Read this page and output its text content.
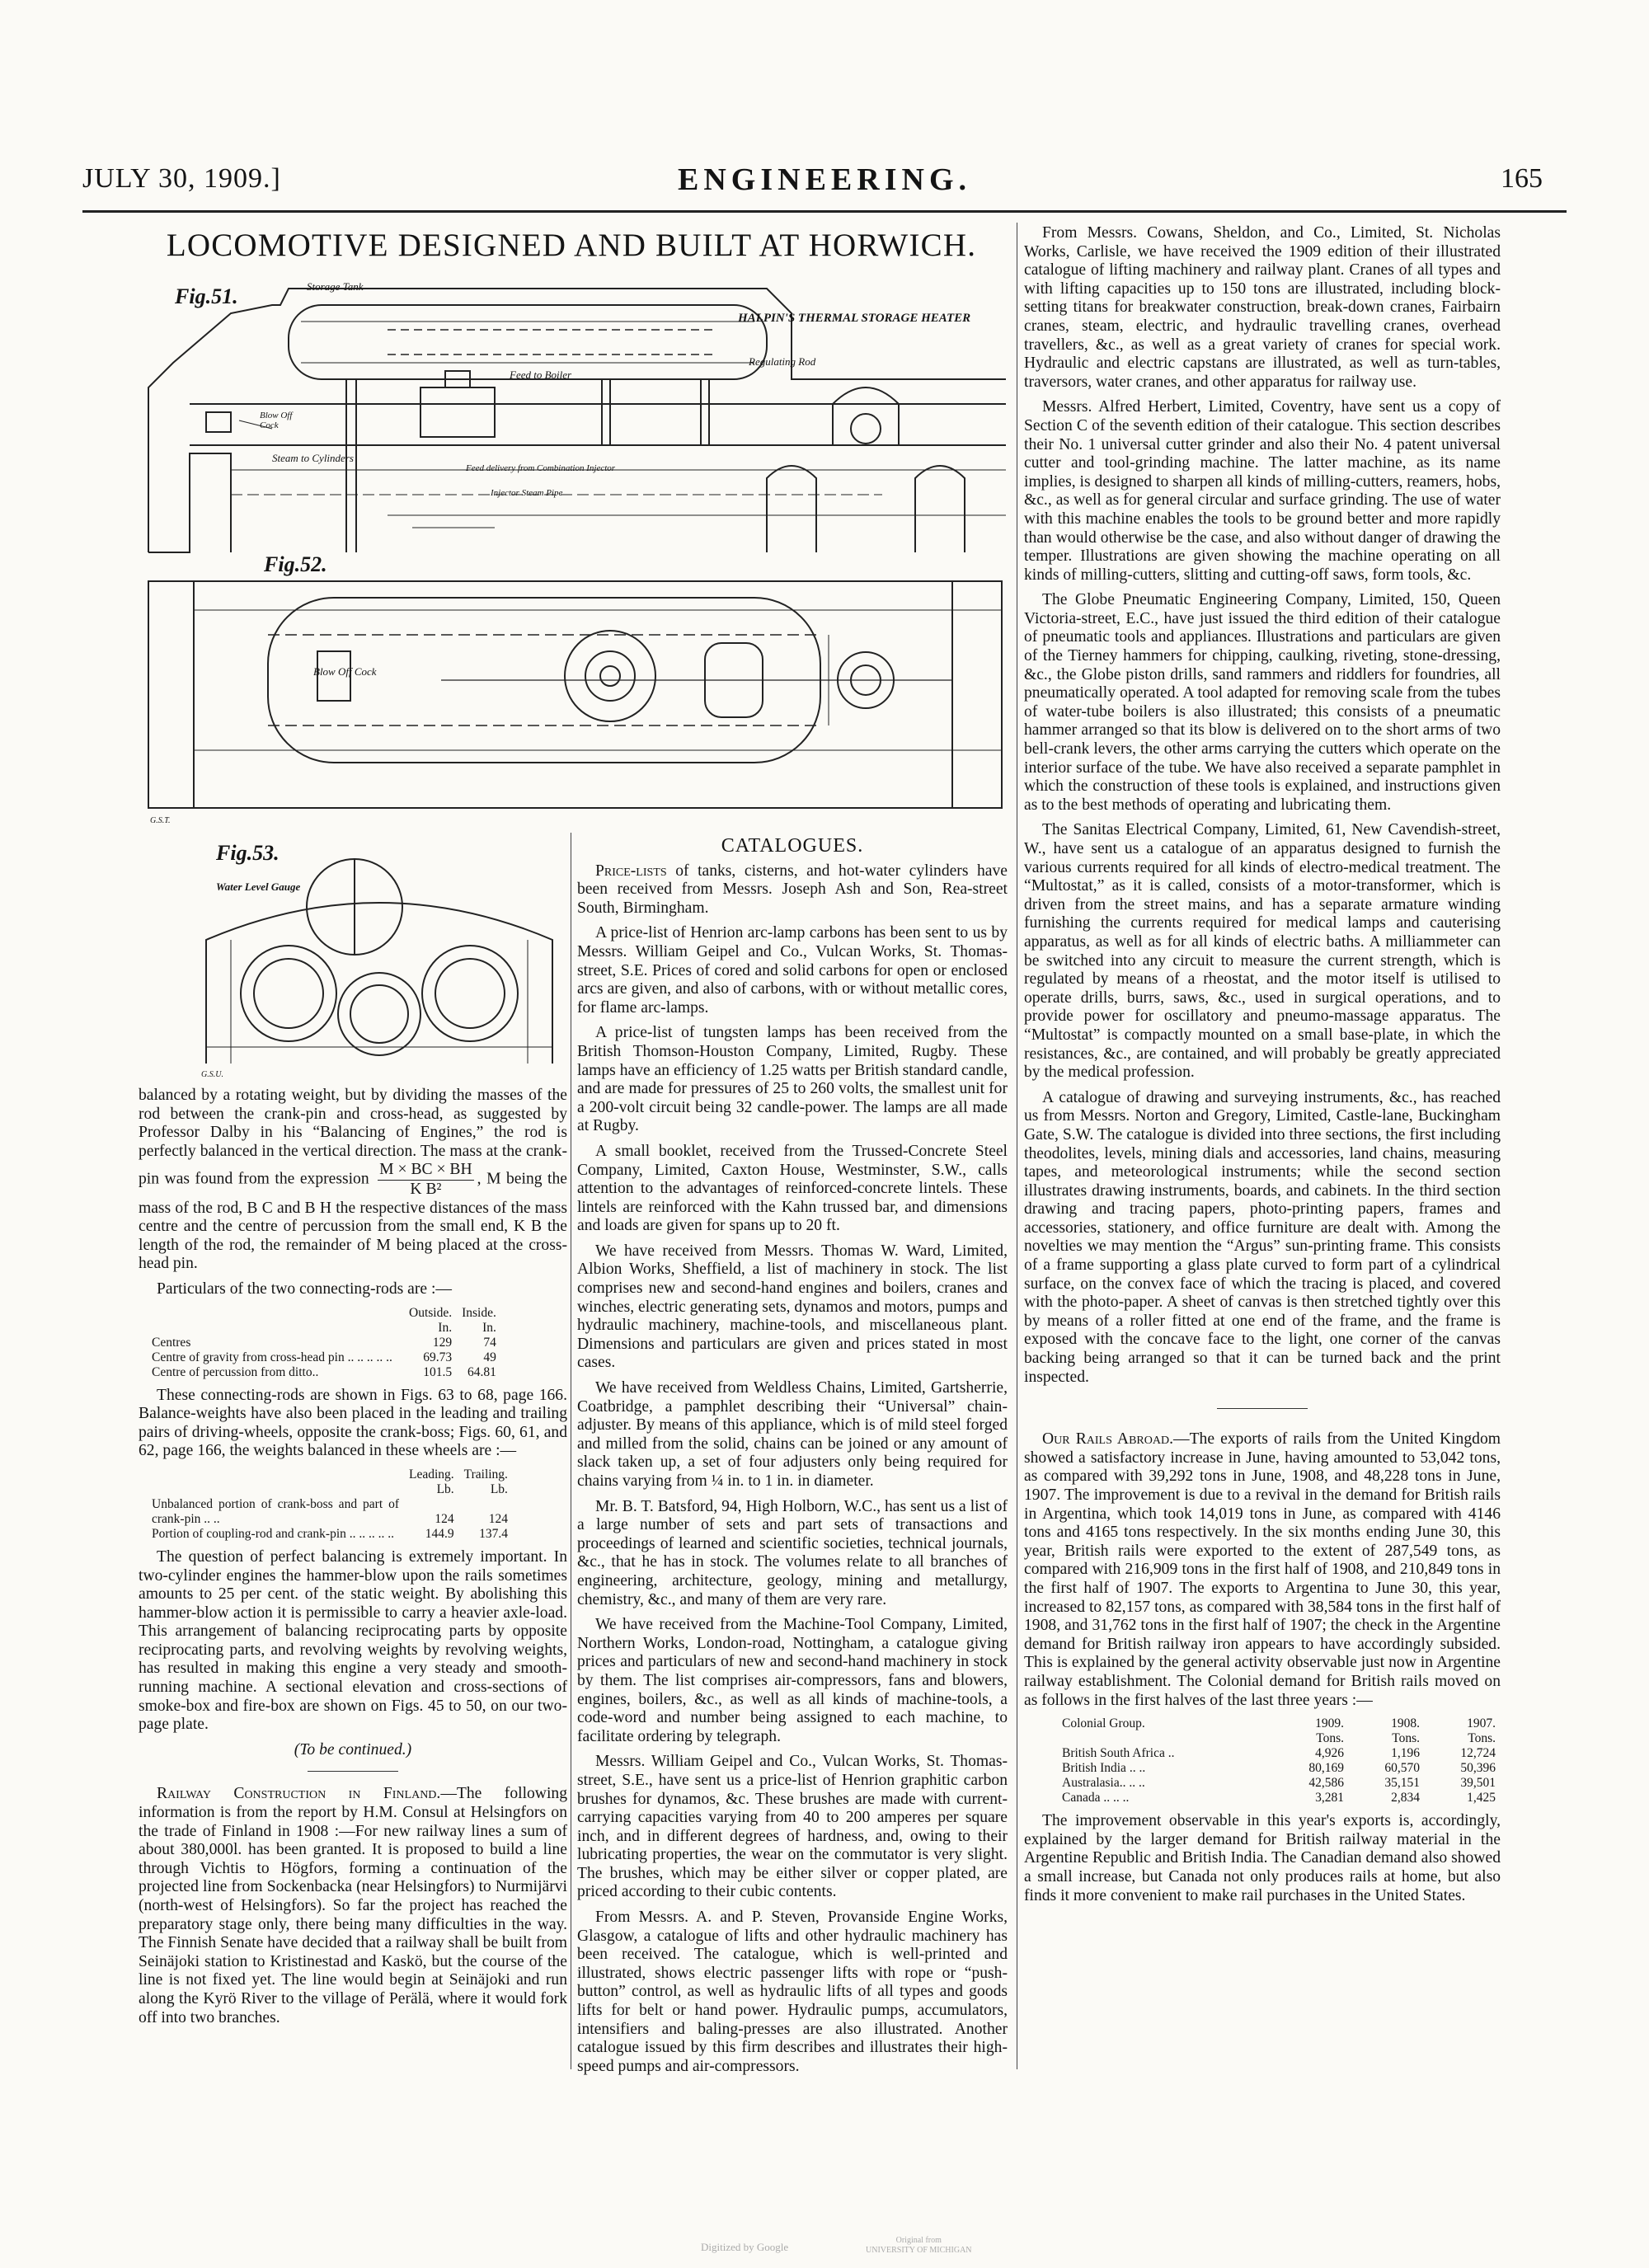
JULY 30, 1909.]	ENGINEERING.	165
LOCOMOTIVE DESIGNED AND BUILT AT HORWICH.
Fig.51.	Storage Tank
HALPIN'S THERMAL STORAGE HEATER
Regulating Rod
Feed to Boiler
Blow Off Cock
Steam to Cylinders
Feed delivery from Combination Injector
Injector Steam Pipe
Fig.52.
Blow Off Cock
G.S.T.
Fig.53.
Water Level Gauge
G.S.U.

balanced by a rotating weight, but by dividing the masses of the rod between the crank-pin and cross-head, as suggested by Professor Dalby in his “Balancing of Engines,” the rod is perfectly balanced in the vertical direction. The mass at the crank-pin was found from the expression $\frac{M \times BC \times BH}{\text{K B²}}$ , M being the mass of the rod, B C and B H the respective distances of the mass centre and the centre of percussion from the small end, K B the length of the rod, the remainder of M being placed at the cross-head pin.

Particulars of the two connecting-rods are :—

	Outside.	Inside.
	In.	In.
Centres	129	74
Centre of gravity from cross-head pin .. .. .. .. ..	69.73	49
Centre of percussion from ditto..	101.5	64.81

These connecting-rods are shown in Figs. 63 to 68, page 166. Balance-weights have also been placed in the leading and trailing pairs of driving-wheels, opposite the crank-boss; Figs. 60, 61, and 62, page 166, the weights balanced in these wheels are :—

	Leading.	Trailing.
	Lb.	Lb.
Unbalanced portion of crank-boss and part of crank-pin .. ..	124	124
Portion of coupling-rod and crank-pin .. .. .. .. ..	144.9	137.4

The question of perfect balancing is extremely important. In two-cylinder engines the hammer-blow upon the rails sometimes amounts to 25 per cent. of the static weight. By abolishing this hammer-blow action it is permissible to carry a heavier axle-load. This arrangement of balancing reciprocating parts by opposite reciprocating parts, and revolving weights by revolving weights, has resulted in making this engine a very steady and smooth-running machine. A sectional elevation and cross-sections of smoke-box and fire-box are shown on Figs. 45 to 50, on our two-page plate.

(To be continued.)

Railway Construction in Finland.—The following information is from the report by H.M. Consul at Helsingfors on the trade of Finland in 1908 :—For new railway lines a sum of about 380,000l. has been granted. It is proposed to build a line through Vichtis to Högfors, forming a continuation of the projected line from Sockenbacka (near Helsingfors) to Nurmijärvi (north-west of Helsingfors). So far the project has reached the preparatory stage only, there being many difficulties in the way. The Finnish Senate have decided that a railway shall be built from Seinäjoki station to Kristinestad and Kaskö, but the course of the line is not fixed yet. The line would begin at Seinäjoki and run along the Kyrö River to the village of Perälä, where it would fork off into two branches.

CATALOGUES.

Price-lists of tanks, cisterns, and hot-water cylinders have been received from Messrs. Joseph Ash and Son, Rea-street South, Birmingham.

A price-list of Henrion arc-lamp carbons has been sent to us by Messrs. William Geipel and Co., Vulcan Works, St. Thomas-street, S.E. Prices of cored and solid carbons for open or enclosed arcs are given, and also of carbons, with or without metallic cores, for flame arc-lamps.

A price-list of tungsten lamps has been received from the British Thomson-Houston Company, Limited, Rugby. These lamps have an efficiency of 1.25 watts per British standard candle, and are made for pressures of 25 to 260 volts, the smallest unit for a 200-volt circuit being 32 candle-power. The lamps are all made at Rugby.

A small booklet, received from the Trussed-Concrete Steel Company, Limited, Caxton House, Westminster, S.W., calls attention to the advantages of reinforced-concrete lintels. These lintels are reinforced with the Kahn trussed bar, and dimensions and loads are given for spans up to 20 ft.

We have received from Messrs. Thomas W. Ward, Limited, Albion Works, Sheffield, a list of machinery in stock. The list comprises new and second-hand engines and boilers, cranes and winches, electric generating sets, dynamos and motors, pumps and hydraulic machinery, machine-tools, and miscellaneous plant. Dimensions and particulars are given and prices stated in most cases.

We have received from Weldless Chains, Limited, Gartsherrie, Coatbridge, a pamphlet describing their “Universal” chain-adjuster. By means of this appliance, which is of mild steel forged and milled from the solid, chains can be joined or any amount of slack taken up, a set of four adjusters only being required for chains varying from ¼ in. to 1 in. in diameter.

Mr. B. T. Batsford, 94, High Holborn, W.C., has sent us a list of a large number of sets and part sets of transactions and proceedings of learned and scientific societies, technical journals, &c., that he has in stock. The volumes relate to all branches of engineering, architecture, geology, mining and metallurgy, chemistry, &c., and many of them are very rare.

We have received from the Machine-Tool Company, Limited, Northern Works, London-road, Nottingham, a catalogue giving prices and particulars of new and second-hand machinery in stock by them. The list comprises air-compressors, fans and blowers, engines, boilers, &c., as well as all kinds of machine-tools, a code-word and number being assigned to each machine, to facilitate ordering by telegraph.

Messrs. William Geipel and Co., Vulcan Works, St. Thomas-street, S.E., have sent us a price-list of Henrion graphitic carbon brushes for dynamos, &c. These brushes are made with current-carrying capacities varying from 40 to 200 amperes per square inch, and in different degrees of hardness, and, owing to their lubricating properties, the wear on the commutator is very slight. The brushes, which may be either silver or copper plated, are priced according to their cubic contents.

From Messrs. A. and P. Steven, Provanside Engine Works, Glasgow, a catalogue of lifts and other hydraulic machinery has been received. The catalogue, which is well-printed and illustrated, shows electric passenger lifts with rope or “push-button” control, as well as hydraulic lifts of all types and goods lifts for belt or hand power. Hydraulic pumps, accumulators, intensifiers and baling-presses are also illustrated. Another catalogue issued by this firm describes and illustrates their high-speed pumps and air-compressors.

From Messrs. Cowans, Sheldon, and Co., Limited, St. Nicholas Works, Carlisle, we have received the 1909 edition of their illustrated catalogue of lifting machinery and railway plant. Cranes of all types and with lifting capacities up to 150 tons are illustrated, including block-setting titans for breakwater construction, break-down cranes, Fairbairn cranes, steam, electric, and hydraulic travelling cranes, overhead travellers, &c., as well as a great variety of cranes for special work. Hydraulic and electric capstans are illustrated, as well as turn-tables, traversors, water cranes, and other apparatus for railway use.

Messrs. Alfred Herbert, Limited, Coventry, have sent us a copy of Section C of the seventh edition of their catalogue. This section describes their No. 1 universal cutter grinder and also their No. 4 patent universal cutter and tool-grinding machine. The latter machine, as its name implies, is designed to sharpen all kinds of milling-cutters, reamers, hobs, &c., as well as for general circular and surface grinding. The use of water with this machine enables the tools to be ground better and more rapidly than would otherwise be the case, and also without danger of drawing the temper. Illustrations are given showing the machine operating on all kinds of milling-cutters, slitting and cutting-off saws, form tools, &c.

The Globe Pneumatic Engineering Company, Limited, 150, Queen Victoria-street, E.C., have just issued the third edition of their catalogue of pneumatic tools and appliances. Illustrations and particulars are given of the Tierney hammers for chipping, caulking, riveting, stone-dressing, &c., the Globe piston drills, sand rammers and riddlers for foundries, all pneumatically operated. A tool adapted for removing scale from the tubes of water-tube boilers is also illustrated; this consists of a pneumatic hammer arranged so that its blow is delivered on to the short arms of two bell-crank levers, the other arms carrying the cutters which operate on the interior surface of the tube. We have also received a separate pamphlet in which the construction of these tools is explained, and instructions given as to the best methods of operating and lubricating them.

The Sanitas Electrical Company, Limited, 61, New Cavendish-street, W., have sent us a catalogue of an apparatus designed to furnish the various currents required for all kinds of electro-medical treatment. The “Multostat,” as it is called, consists of a motor-transformer, which is driven from the street mains, and has a separate armature winding furnishing the currents required for medical lamps and cauterising apparatus, as well as for all kinds of electric baths. A milliammeter can be switched into any circuit to measure the current strength, which is regulated by means of a rheostat, and the motor itself is utilised to operate drills, burrs, saws, &c., used in surgical operations, and to provide power for oscillatory and pneumo-massage apparatus. The “Multostat” is compactly mounted on a small base-plate, in which the resistances, &c., are contained, and will probably be greatly appreciated by the medical profession.

A catalogue of drawing and surveying instruments, &c., has reached us from Messrs. Norton and Gregory, Limited, Castle-lane, Buckingham Gate, S.W. The catalogue is divided into three sections, the first including theodolites, levels, mining dials and accessories, land chains, measuring tapes, and meteorological instruments; while the second section illustrates drawing instruments, boards, and cabinets. In the third section drawing and tracing papers, photo-printing papers, frames and accessories, stationery, and office furniture are dealt with. Among the novelties we may mention the “Argus” sun-printing frame. This consists of a frame supporting a glass plate curved to form part of a cylindrical surface, on the convex face of which the tracing is placed, and covered with the photo-paper. A sheet of canvas is then stretched tightly over this by means of a roller fitted at one end of the frame, and the frame is exposed with the concave face to the light, one corner of the canvas backing being arranged so that it can be turned back and the print inspected.

Our Rails Abroad.—The exports of rails from the United Kingdom showed a satisfactory increase in June, having amounted to 53,042 tons, as compared with 39,292 tons in June, 1908, and 48,228 tons in June, 1907. The improvement is due to a revival in the demand for British rails in Argentina, which took 14,019 tons in June, as compared with 4146 tons and 4165 tons respectively. In the six months ending June 30, this year, British rails were exported to the extent of 287,549 tons, as compared with 216,909 tons in the first half of 1908, and 210,849 tons in the first half of 1907. The exports to Argentina to June 30, this year, increased to 82,157 tons, as compared with 38,584 tons in the first half of 1908, and 31,762 tons in the first half of 1907; the check in the Argentine demand for British railway iron appears to have accordingly subsided. This is explained by the general activity observable just now in Argentine railway establishment. The Colonial demand for British rails moved on as follows in the first halves of the last three years :—

Colonial Group.	1909.	1908.	1907.
	Tons.	Tons.	Tons.
British South Africa ..	4,926	1,196	12,724
British India .. ..	80,169	60,570	50,396
Australasia.. .. ..	42,586	35,151	39,501
Canada .. .. ..	3,281	2,834	1,425

The improvement observable in this year's exports is, accordingly, explained by the larger demand for British railway material in the Argentine Republic and British India. The Canadian demand also showed a small increase, but Canada not only produces rails at home, but also finds it more convenient to make rail purchases in the United States.

Digitized by Google
Original from
UNIVERSITY OF MICHIGAN
